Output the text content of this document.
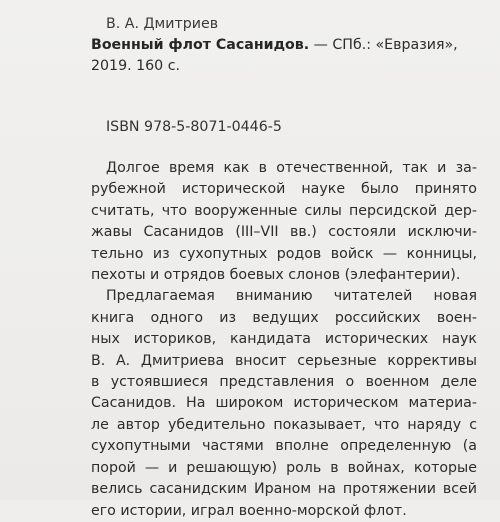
В. А. Дмитриев
Военный флот Сасанидов. — СПб.: «Евразия»,
2019. 160 с.
ISBN 978-5-8071-0446-5
Долгое время как в отечественной, так и за-
рубежной исторической науке было принято
считать, что вооруженные силы персидской дер-
жавы Сасанидов (III–VII вв.) состояли исключи-
тельно из сухопутных родов войск — конницы,
пехоты и отрядов боевых слонов (элефантерии).
Предлагаемая вниманию читателей новая
книга одного из ведущих российских воен-
ных историков, кандидата исторических наук
В. А. Дмитриева вносит серьезные коррективы
в устоявшиеся представления о военном деле
Сасанидов. На широком историческом материа-
ле автор убедительно показывает, что наряду с
сухопутными частями вполне определенную (а
порой — и решающую) роль в войнах, которые
велись сасанидским Ираном на протяжении всей
его истории, играл военно-морской флот.
